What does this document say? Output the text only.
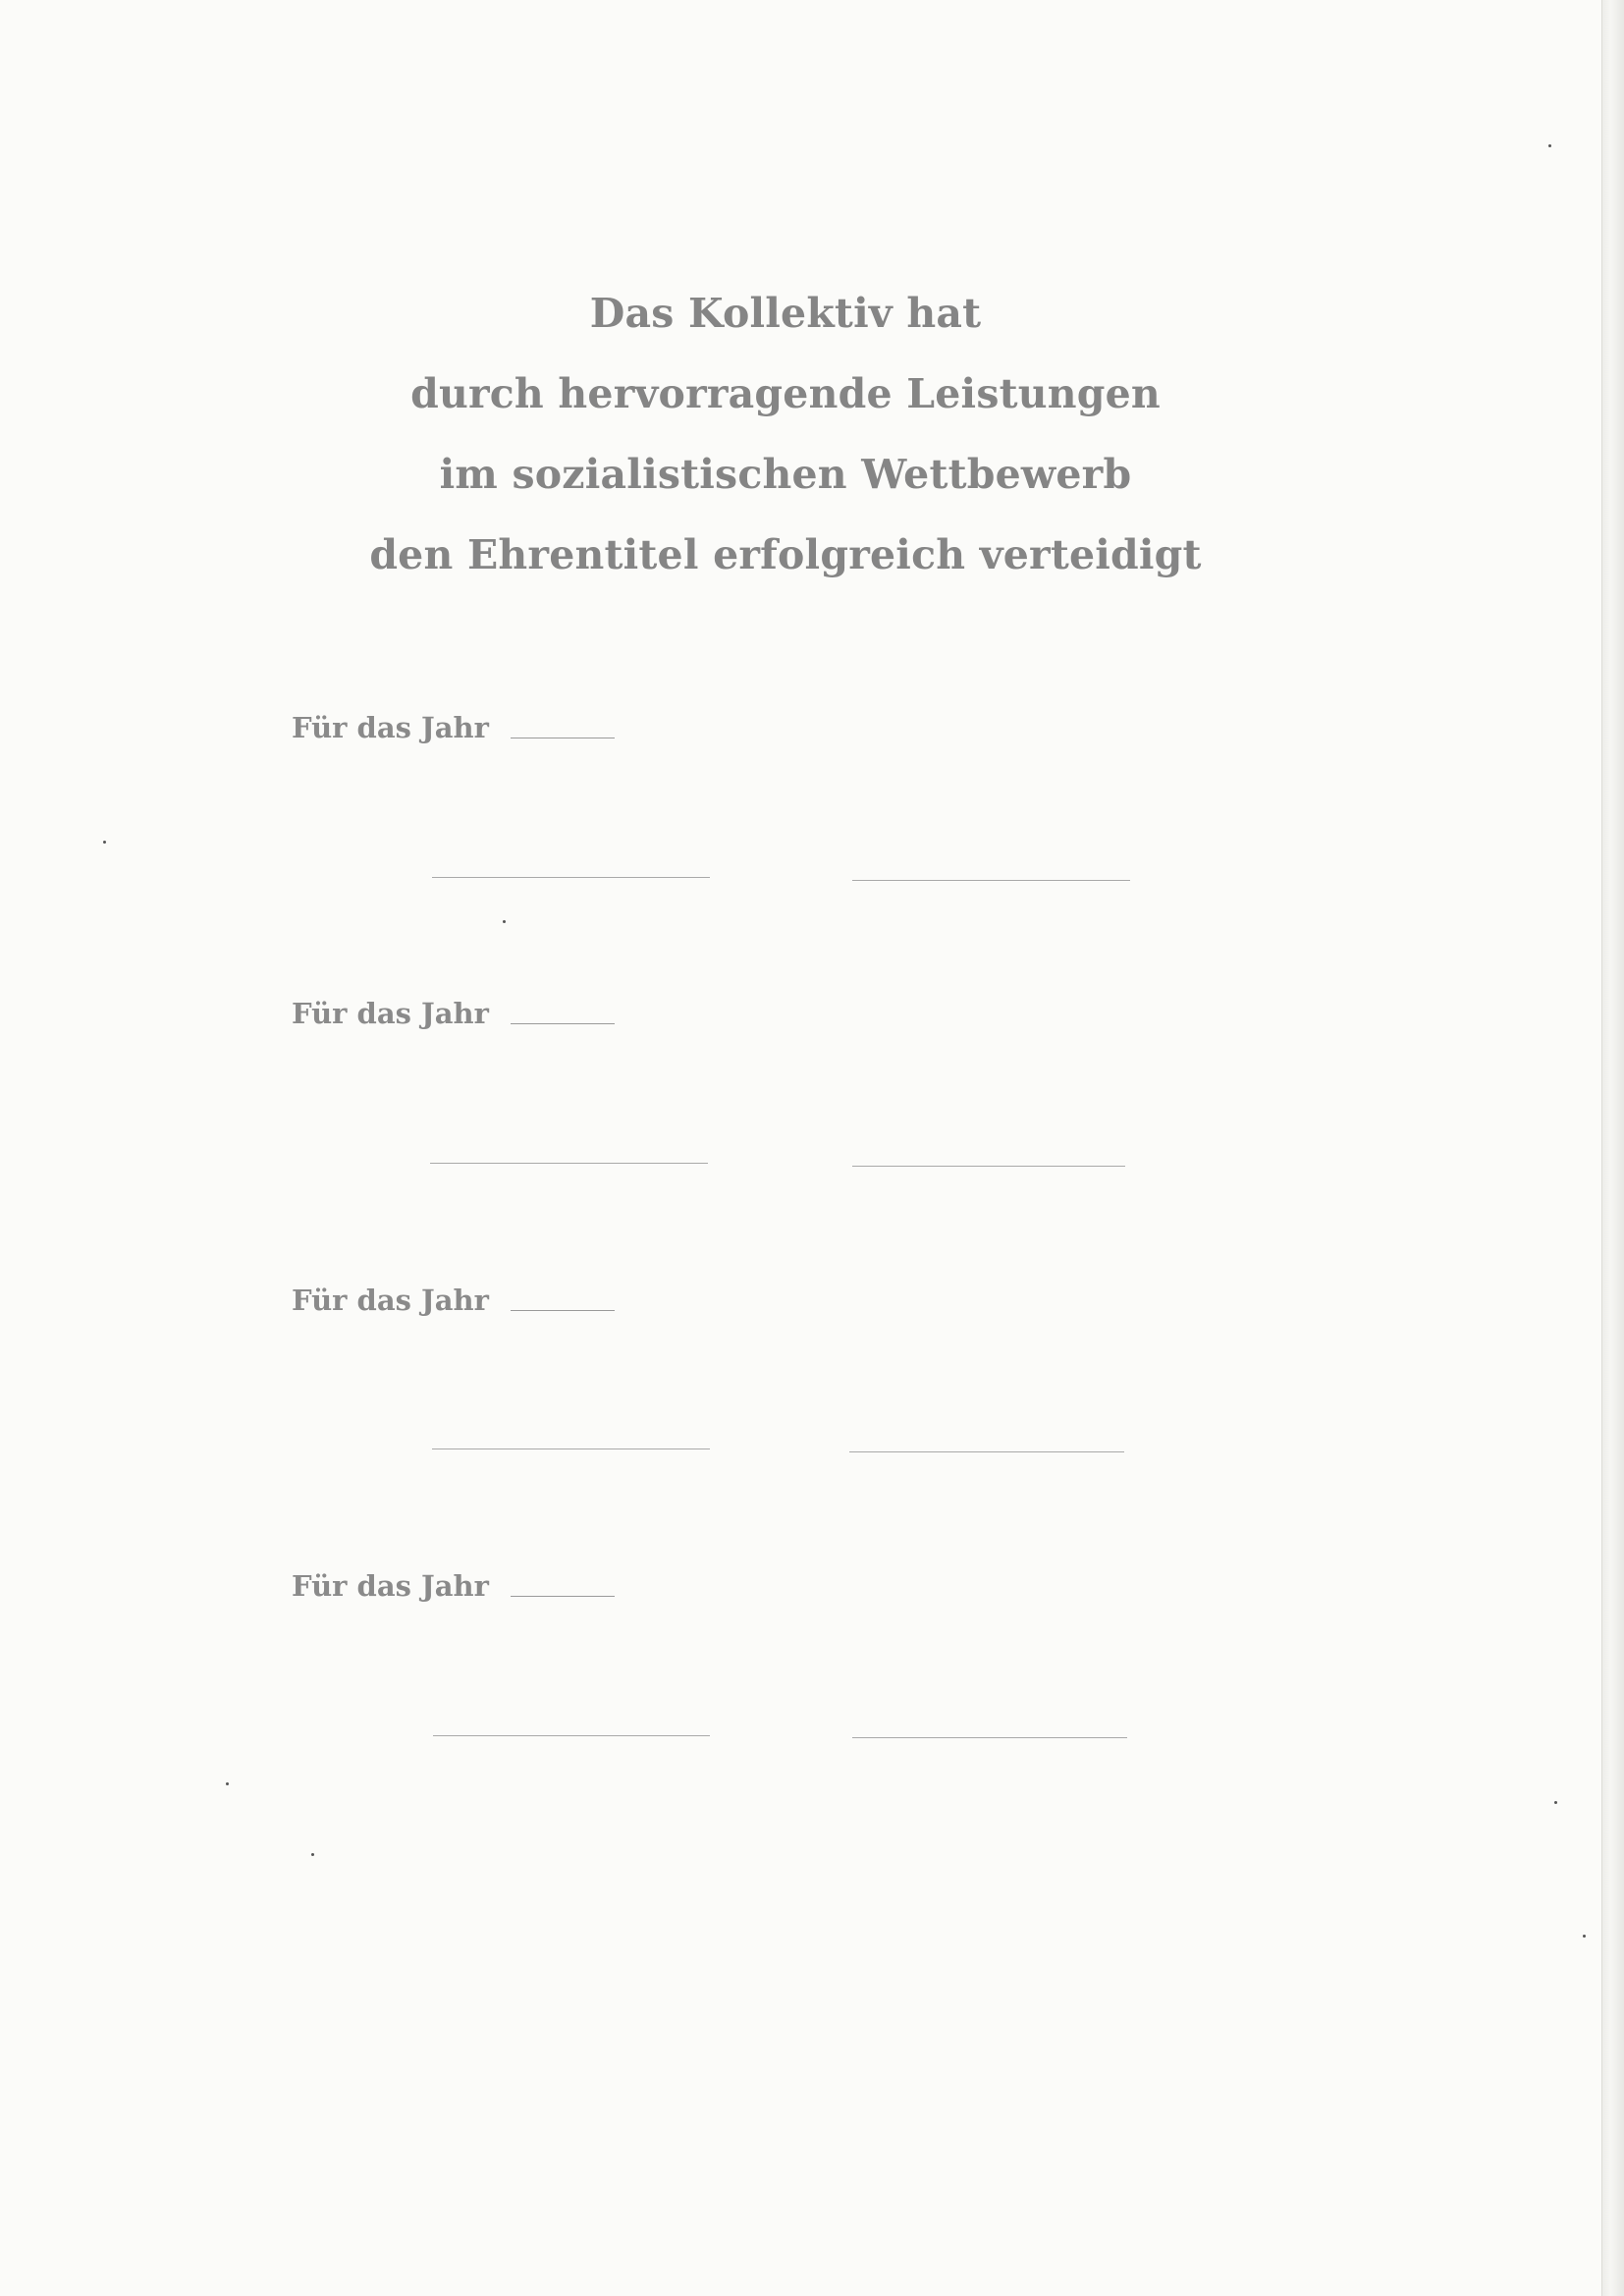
Das Kollektiv hat
durch hervorragende Leistungen
im sozialistischen Wettbewerb
den Ehrentitel erfolgreich verteidigt
Für das Jahr
Für das Jahr
Für das Jahr
Für das Jahr
